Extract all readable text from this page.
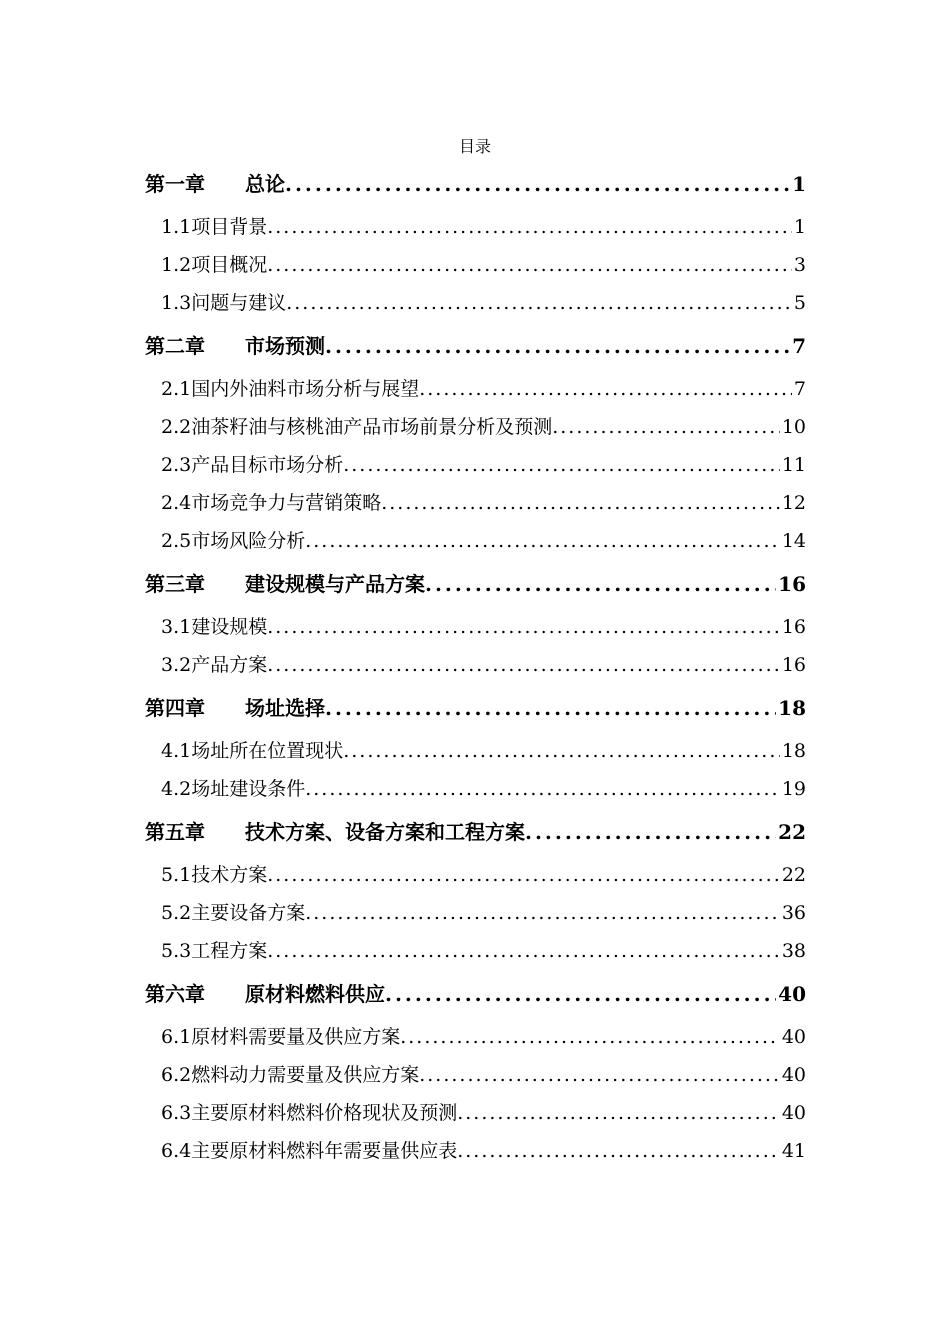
目录
第一章 总论 .....	1
1.1项目背景 .....	1
1.2项目概况 .....	3
1.3问题与建议 .....	5
第二章 市场预测 .....	7
2.1国内外油料市场分析与展望 .....	7
2.2油茶籽油与核桃油产品市场前景分析及预测 .....	10
2.3产品目标市场分析 .....	11
2.4市场竞争力与营销策略 .....	12
2.5市场风险分析 .....	14
第三章 建设规模与产品方案 .....	16
3.1建设规模 .....	16
3.2产品方案 .....	16
第四章 场址选择 .....	18
4.1场址所在位置现状 .....	18
4.2场址建设条件 .....	19
第五章 技术方案、设备方案和工程方案 .....	22
5.1技术方案 .....	22
5.2主要设备方案 .....	36
5.3工程方案 .....	38
第六章 原材料燃料供应 .....	40
6.1原材料需要量及供应方案 .....	40
6.2燃料动力需要量及供应方案 .....	40
6.3主要原材料燃料价格现状及预测 .....	40
6.4主要原材料燃料年需要量供应表 .....	41
